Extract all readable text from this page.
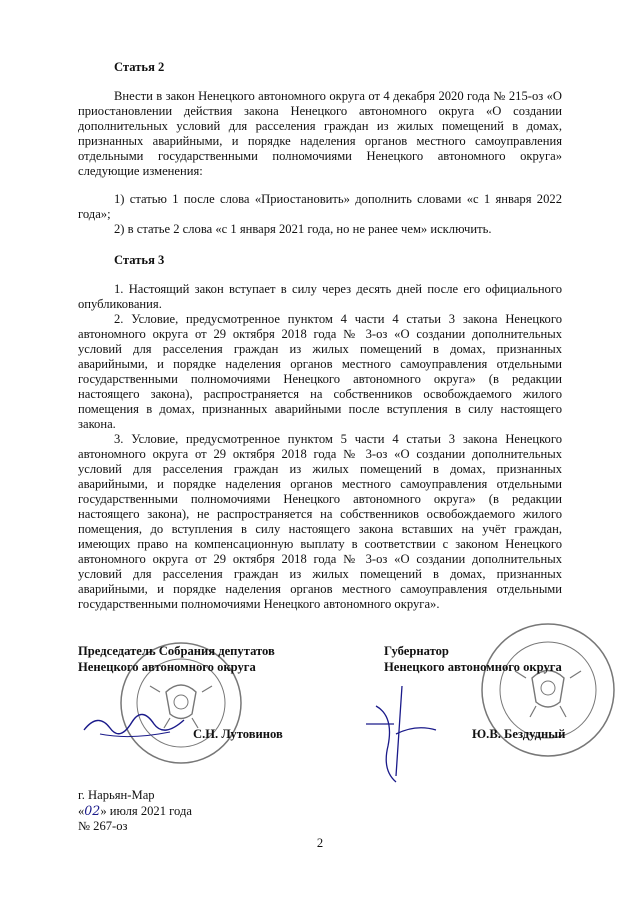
Статья 2

Внести в закон Ненецкого автономного округа от 4 декабря 2020 года № 215-оз «О приостановлении действия закона Ненецкого автономного округа «О создании дополнительных условий для расселения граждан из жилых помещений в домах, признанных аварийными, и порядке наделения органов местного самоуправления отдельными государственными полномочиями Ненецкого автономного округа» следующие изменения:

1) статью 1 после слова «Приостановить» дополнить словами «с 1 января 2022 года»;

2) в статье 2 слова «с 1 января 2021 года, но не ранее чем» исключить.

Статья 3

1. Настоящий закон вступает в силу через десять дней после его официального опубликования.

2. Условие, предусмотренное пунктом 4 части 4 статьи 3 закона Ненецкого автономного округа от 29 октября 2018 года № 3-оз «О создании дополнительных условий для расселения граждан из жилых помещений в домах, признанных аварийными, и порядке наделения органов местного самоуправления отдельными государственными полномочиями Ненецкого автономного округа» (в редакции настоящего закона), распространяется на собственников освобождаемого жилого помещения в домах, признанных аварийными после вступления в силу настоящего закона.

3. Условие, предусмотренное пунктом 5 части 4 статьи 3 закона Ненецкого автономного округа от 29 октября 2018 года № 3-оз «О создании дополнительных условий для расселения граждан из жилых помещений в домах, признанных аварийными, и порядке наделения органов местного самоуправления отдельными государственными полномочиями Ненецкого автономного округа» (в редакции настоящего закона), не распространяется на собственников освобождаемого жилого помещения, до вступления в силу настоящего закона вставших на учёт граждан, имеющих право на компенсационную выплату в соответствии с законом Ненецкого автономного округа от 29 октября 2018 года № 3-оз «О создании дополнительных условий для расселения граждан из жилых помещений в домах, признанных аварийными, и порядке наделения органов местного самоуправления отдельными государственными полномочиями Ненецкого автономного округа».

Председатель Собрания депутатов

Ненецкого автономного округа

С.Н. Лутовинов

Губернатор

Ненецкого автономного округа

Ю.В. Бездудный
г. Нарьян-Мар
«02» июля 2021 года
№ 267-оз
2
